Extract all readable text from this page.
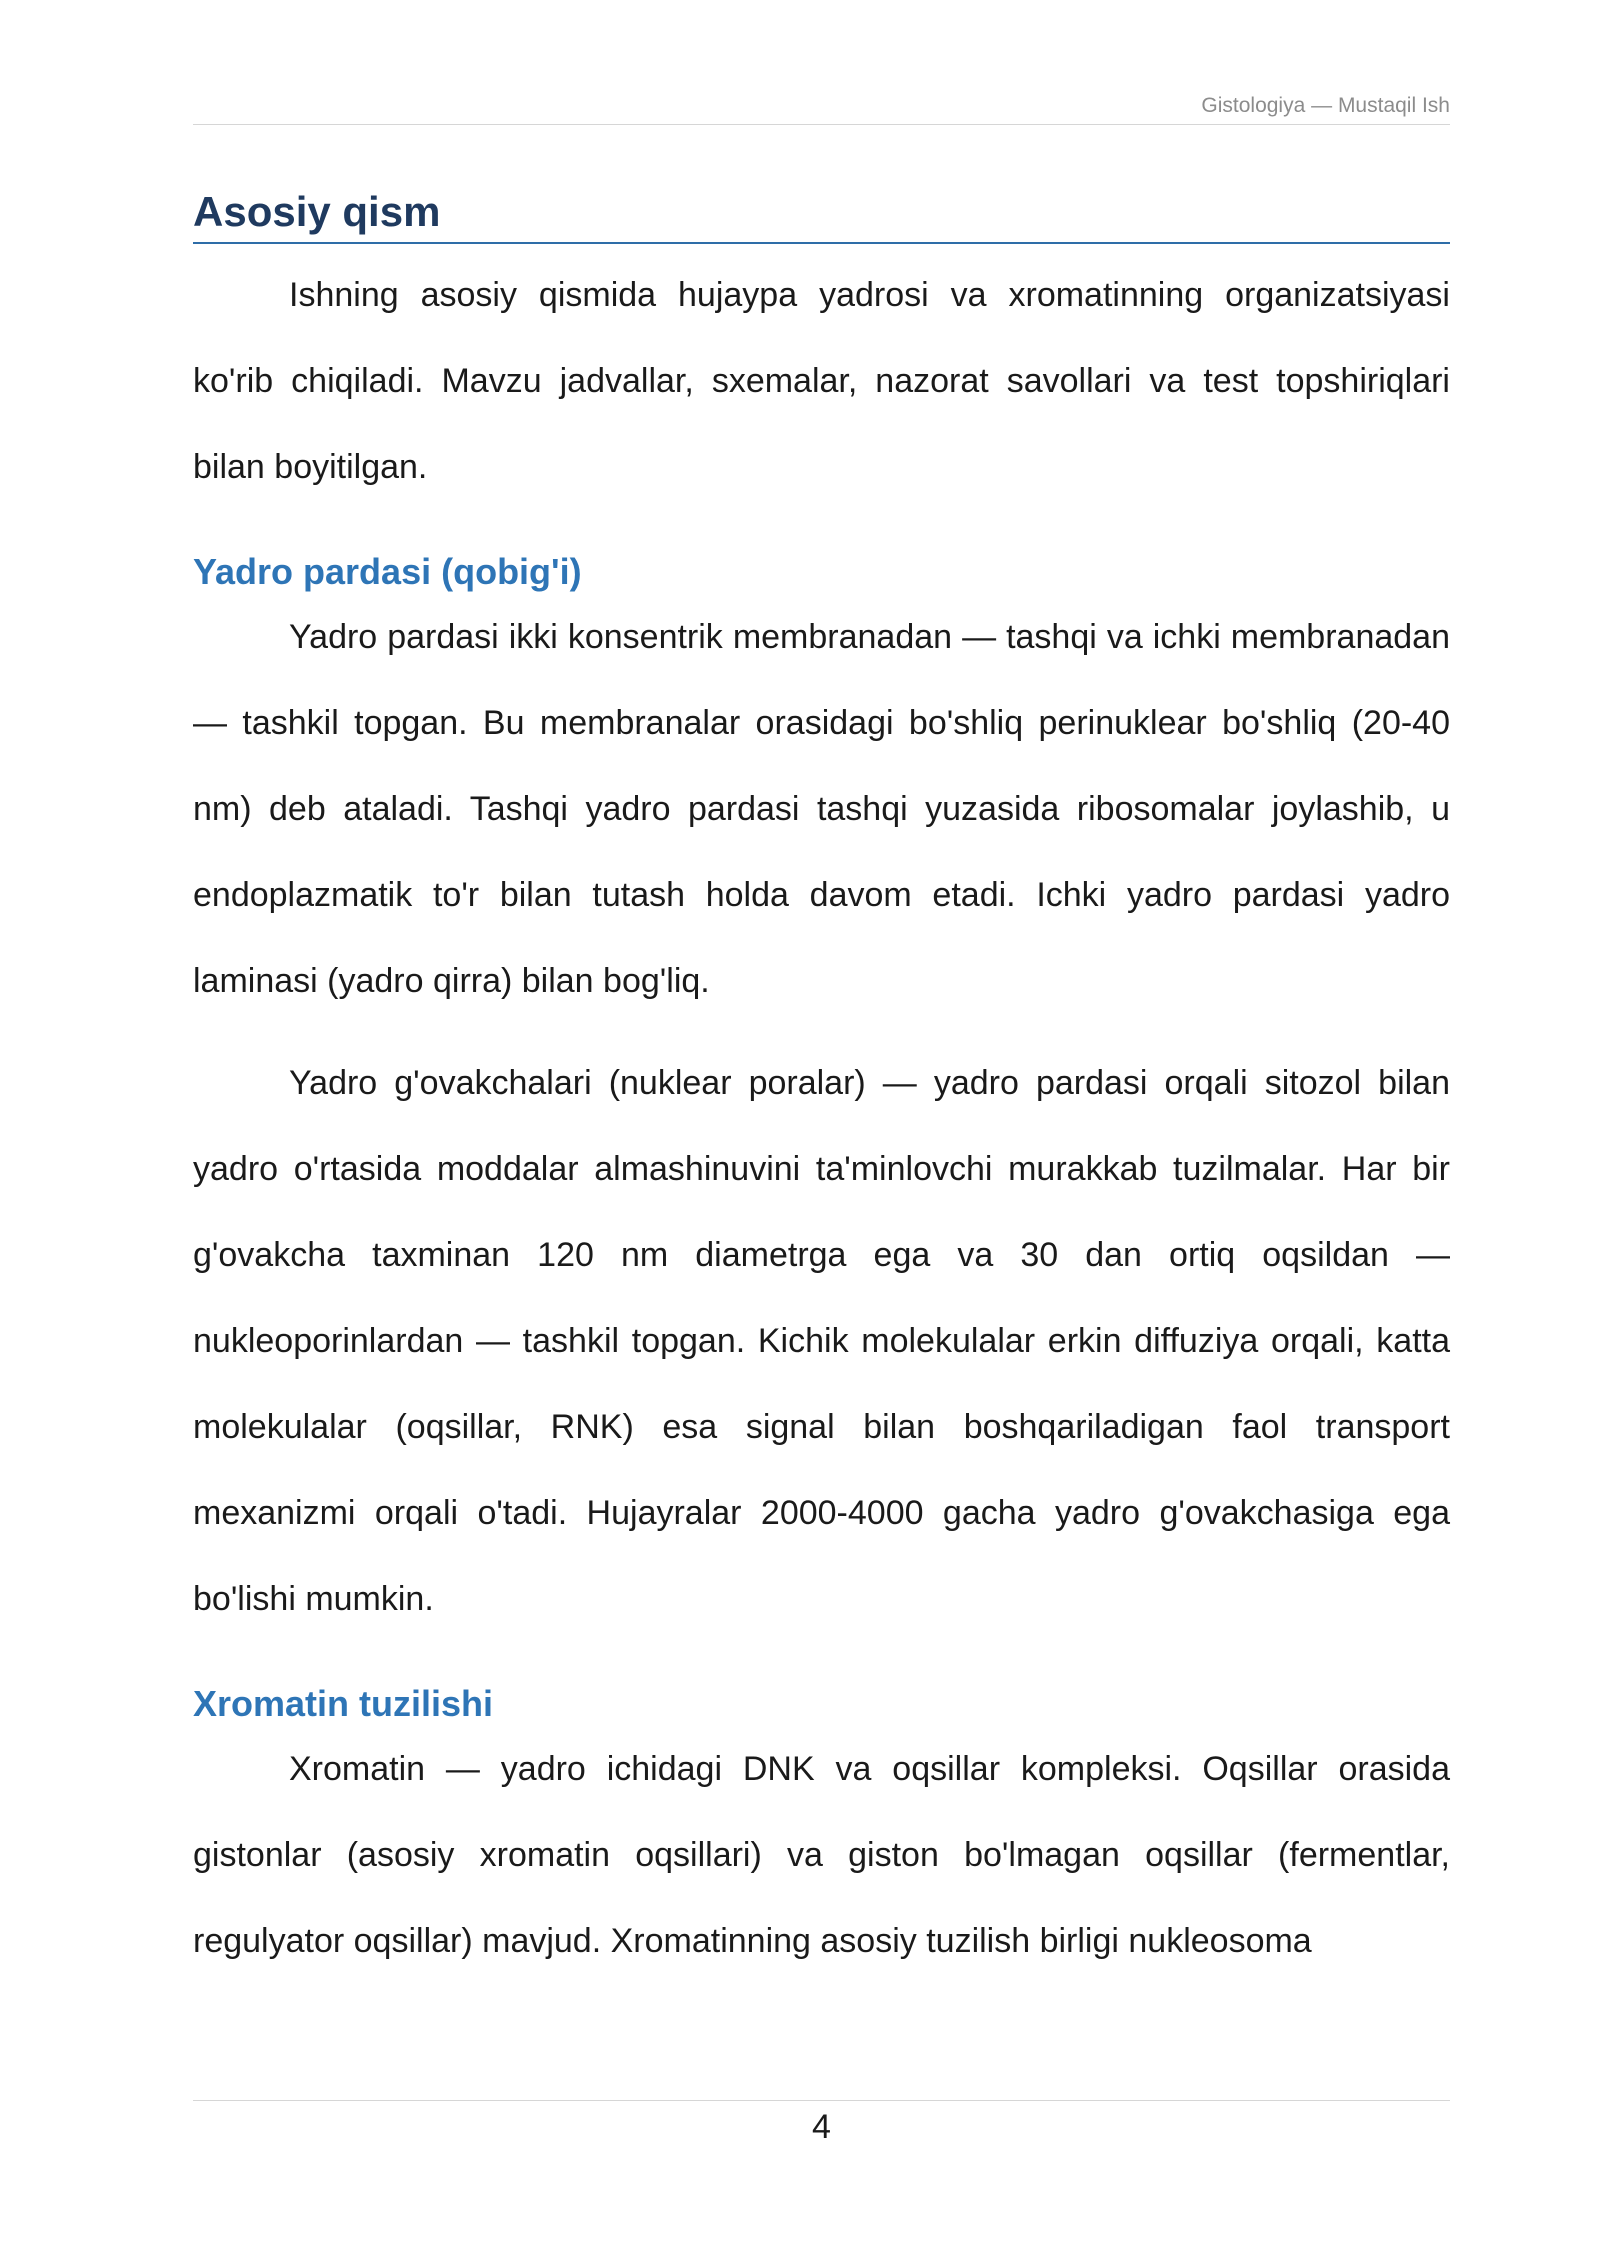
Gistologiya — Mustaqil Ish
Asosiy qism

Ishning asosiy qismida hujaypa yadrosi va xromatinning organizatsiyasi ko'rib chiqiladi. Mavzu jadvallar, sxemalar, nazorat savollari va test topshiriqlari bilan boyitilgan.

Yadro pardasi (qobig'i)

Yadro pardasi ikki konsentrik membranadan — tashqi va ichki membranadan — tashkil topgan. Bu membranalar orasidagi bo'shliq perinuklear bo'shliq (20-40 nm) deb ataladi. Tashqi yadro pardasi tashqi yuzasida ribosomalar joylashib, u endoplazmatik to'r bilan tutash holda davom etadi. Ichki yadro pardasi yadro laminasi (yadro qirra) bilan bog'liq.

Yadro g'ovakchalari (nuklear poralar) — yadro pardasi orqali sitozol bilan yadro o'rtasida moddalar almashinuvini ta'minlovchi murakkab tuzilmalar. Har bir g'ovakcha taxminan 120 nm diametrga ega va 30 dan ortiq oqsildan — nukleoporinlardan — tashkil topgan. Kichik molekulalar erkin diffuziya orqali, katta molekulalar (oqsillar, RNK) esa signal bilan boshqariladigan faol transport mexanizmi orqali o'tadi. Hujayralar 2000-4000 gacha yadro g'ovakchasiga ega bo'lishi mumkin.

Xromatin tuzilishi

Xromatin — yadro ichidagi DNK va oqsillar kompleksi. Oqsillar orasida gistonlar (asosiy xromatin oqsillari) va giston bo'lmagan oqsillar (fermentlar, regulyator oqsillar) mavjud. Xromatinning asosiy tuzilish birligi nukleosoma

4
